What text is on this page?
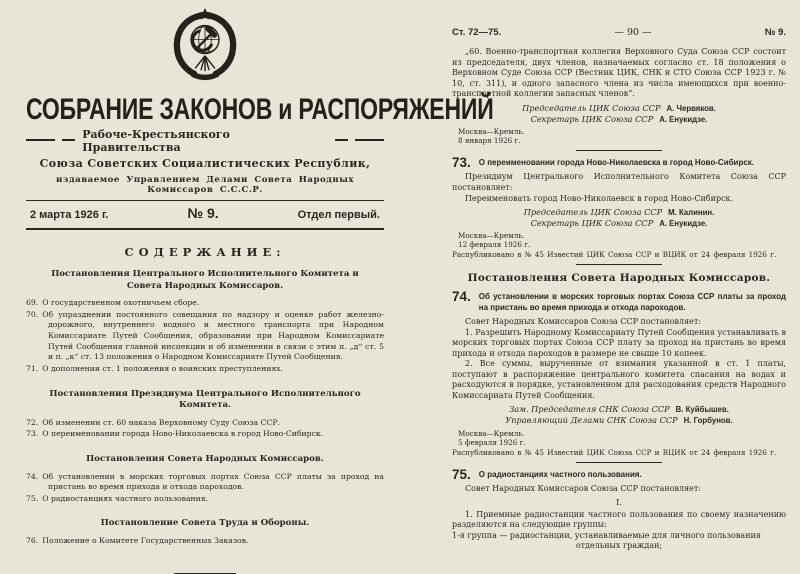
СОБРАНИЕ ЗАКОНОВ и РАСПОРЯЖЕНИЙ
Рабоче-Крестьянского Правительства
Союза Советских Социалистических Республик,
издаваемое Управлением Делами Совета Народных Комиссаров С.С.С.Р.
2 марта 1926 г.	№ 9.	Отдел первый.
СОДЕРЖАНИЕ:
Постановления Центрального Исполнительного Комитета и Совета Народных Комиссаров.
69. О государственном охотничьем сборе.
70. Об упразднении постоянного совещания по надзору и оценке работ железно-дорожного, внутреннего водного и местного транспорта при Народном Комиссариате Путей Сообщения, образовании при Народном Комиссариате Путей Сообщения главной инспекции и об изменении в связи с этим п. „д“ ст. 5 и п. „к“ ст. 13 положения о Народном Комиссариате Путей Сообщения.
71. О дополнении ст. 1 положения о воинских преступлениях.
Постановления Президиума Центрального Исполнительного Комитета.
72. Об изменении ст. 60 наказа Верховному Суду Союза ССР.
73. О переименовании города Ново-Николаевска в город Ново-Сибирск.
Постановления Совета Народных Комиссаров.
74. Об установлении в морских торговых портах Союза ССР платы за проход на пристань во время прихода и отхода пароходов.
75. О радиостанциях частного пользования.
Постановление Совета Труда и Обороны.
76. Положение о Комитете Государственных Заказов.
Ст. 72—75.	— 90 —	№ 9.
„60. Военно-транспортная коллегия Верховного Суда Союза ССР состоит из председателя, двух членов, назначаемых согласно ст. 18 положения о Верховном Суде Союза ССР (Вестник ЦИК, СНК и СТО Союза ССР 1923 г. № 10, ст. 311), и одного запасного члена из числа имеющихся при военно-транспортной коллегии запасных членов“.
Председатель ЦИК Союза ССР А. Червяков.
Секретарь ЦИК Союза ССР А. Енукидзе.
Москва—Кремль.
8 января 1926 г.
73. О переименовании города Ново-Николаевска в город Ново-Сибирск.
Президиум Центрального Исполнительного Комитета Союза ССР постановляет:
Переименовать город Ново-Николаевск в город Ново-Сибирск.
Председатель ЦИК Союза ССР М. Калинин.
Секретарь ЦИК Союза ССР А. Енукидзе.
Москва—Кремль.
12 февраля 1926 г.
Распубликовано в № 45 Известий ЦИК Союза ССР и ВЦИК от 24 февраля 1926 г.
Постановления Совета Народных Комиссаров.
74. Об установлении в морских торговых портах Союза ССР платы за проход на пристань во время прихода и отхода пароходов.
Совет Народных Комиссаров Союза ССР постановляет:
1. Разрешить Народному Комиссариату Путей Сообщения устанавливать в морских торговых портах Союза ССР плату за проход на пристань во время прихода и отхода пароходов в размере не свыше 10 копеек.
2. Все суммы, вырученные от взимания указанной в ст. 1 платы, поступают в распоряжение центрального комитета спасания на водах и расходуются в порядке, установленном для расходования средств Народного Комиссариата Путей Сообщения.
Зам. Председателя СНК Союза ССР В. Куйбышев.
Управляющий Делами СНК Союза ССР Н. Горбунов.
Москва—Кремль.
5 февраля 1926 г.
Распубликовано в № 45 Известий ЦИК Союза ССР и ВЦИК от 24 февраля 1926 г.
75. О радиостанциях частного пользования.
Совет Народных Комиссаров Союза ССР постановляет:
I.
1. Приемные радиостанции частного пользования по своему назначению разделяются на следующие группы:
1-я группа — радиостанции, устанавливаемые для личного пользования
отдельных граждан;
